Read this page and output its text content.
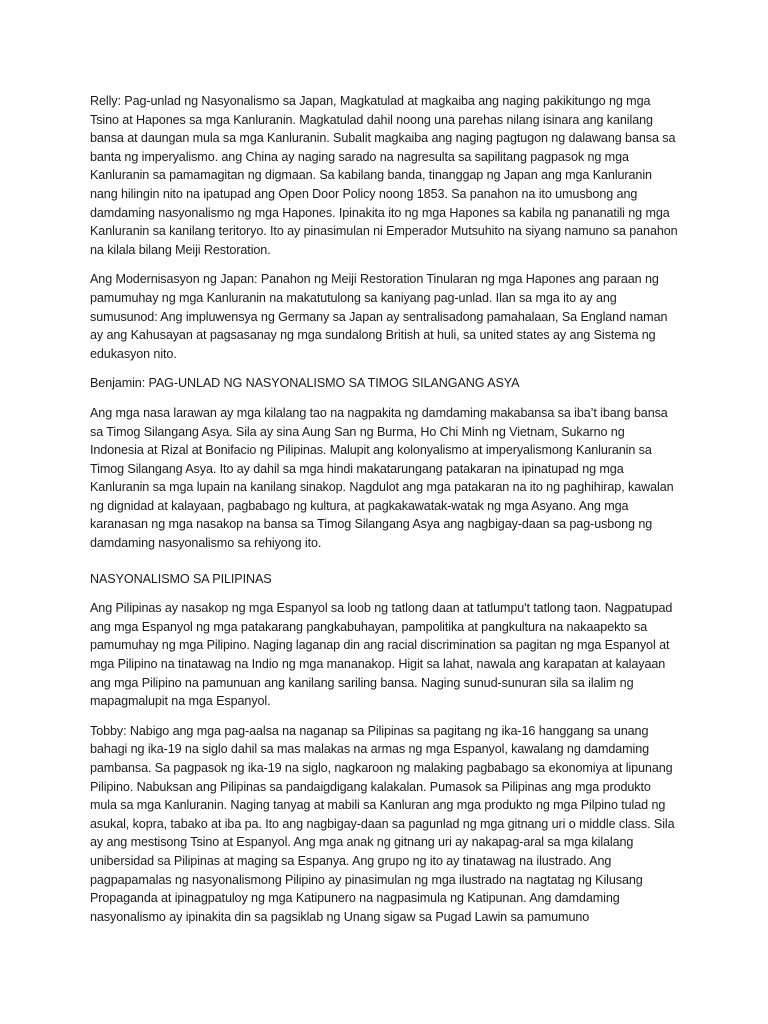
Relly: Pag-unlad ng Nasyonalismo sa Japan, Magkatulad at magkaiba ang naging pakikitungo ng mga Tsino at Hapones sa mga Kanluranin. Magkatulad dahil noong una parehas nilang isinara ang kanilang bansa at daungan mula sa mga Kanluranin. Subalit magkaiba ang naging pagtugon ng dalawang bansa sa banta ng imperyalismo. ang China ay naging sarado na nagresulta sa sapilitang pagpasok ng mga Kanluranin sa pamamagitan ng digmaan. Sa kabilang banda, tinanggap ng Japan ang mga Kanluranin nang hilingin nito na ipatupad ang Open Door Policy noong 1853. Sa panahon na ito umusbong ang damdaming nasyonalismo ng mga Hapones. Ipinakita ito ng mga Hapones sa kabila ng pananatili ng mga Kanluranin sa kanilang teritoryo. Ito ay pinasimulan ni Emperador Mutsuhito na siyang namuno sa panahon na kilala bilang Meiji Restoration.

Ang Modernisasyon ng Japan: Panahon ng Meiji Restoration Tinularan ng mga Hapones ang paraan ng pamumuhay ng mga Kanluranin na makatutulong sa kaniyang pag-unlad. Ilan sa mga ito ay ang sumusunod: Ang impluwensya ng Germany sa Japan ay sentralisadong pamahalaan, Sa England naman ay ang Kahusayan at pagsasanay ng mga sundalong British at huli, sa united states ay ang Sistema ng edukasyon nito.

Benjamin: PAG-UNLAD NG NASYONALISMO SA TIMOG SILANGANG ASYA

Ang mga nasa larawan ay mga kilalang tao na nagpakita ng damdaming makabansa sa iba’t ibang bansa sa Timog Silangang Asya. Sila ay sina Aung San ng Burma, Ho Chi Minh ng Vietnam, Sukarno ng Indonesia at Rizal at Bonifacio ng Pilipinas. Malupit ang kolonyalismo at imperyalismong Kanluranin sa Timog Silangang Asya. Ito ay dahil sa mga hindi makatarungang patakaran na ipinatupad ng mga Kanluranin sa mga lupain na kanilang sinakop. Nagdulot ang mga patakaran na ito ng paghihirap, kawalan ng dignidad at kalayaan, pagbabago ng kultura, at pagkakawatak-watak ng mga Asyano. Ang mga karanasan ng mga nasakop na bansa sa Timog Silangang Asya ang nagbigay-daan sa pag-usbong ng damdaming nasyonalismo sa rehiyong ito.

NASYONALISMO SA PILIPINAS

Ang Pilipinas ay nasakop ng mga Espanyol sa loob ng tatlong daan at tatlumpu't tatlong taon. Nagpatupad ang mga Espanyol ng mga patakarang pangkabuhayan, pampolitika at pangkultura na nakaapekto sa pamumuhay ng mga Pilipino. Naging laganap din ang racial discrimination sa pagitan ng mga Espanyol at mga Pilipino na tinatawag na Indio ng mga mananakop. Higit sa lahat, nawala ang karapatan at kalayaan ang mga Pilipino na pamunuan ang kanilang sariling bansa. Naging sunud-sunuran sila sa ilalim ng mapagmalupit na mga Espanyol.

Tobby: Nabigo ang mga pag-aalsa na naganap sa Pilipinas sa pagitang ng ika-16 hanggang sa unang bahagi ng ika-19 na siglo dahil sa mas malakas na armas ng mga Espanyol, kawalang ng damdaming pambansa. Sa pagpasok ng ika-19 na siglo, nagkaroon ng malaking pagbabago sa ekonomiya at lipunang Pilipino. Nabuksan ang Pilipinas sa pandaigdigang kalakalan. Pumasok sa Pilipinas ang mga produkto mula sa mga Kanluranin. Naging tanyag at mabili sa Kanluran ang mga produkto ng mga Pilpino tulad ng asukal, kopra, tabako at iba pa. Ito ang nagbigay-daan sa pagunlad ng mga gitnang uri o middle class. Sila ay ang mestisong Tsino at Espanyol. Ang mga anak ng gitnang uri ay nakapag-aral sa mga kilalang unibersidad sa Pilipinas at maging sa Espanya. Ang grupo ng ito ay tinatawag na ilustrado. Ang pagpapamalas ng nasyonalismong Pilipino ay pinasimulan ng mga ilustrado na nagtatag ng Kilusang Propaganda at ipinagpatuloy ng mga Katipunero na nagpasimula ng Katipunan. Ang damdaming nasyonalismo ay ipinakita din sa pagsiklab ng Unang sigaw sa Pugad Lawin sa pamumuno
